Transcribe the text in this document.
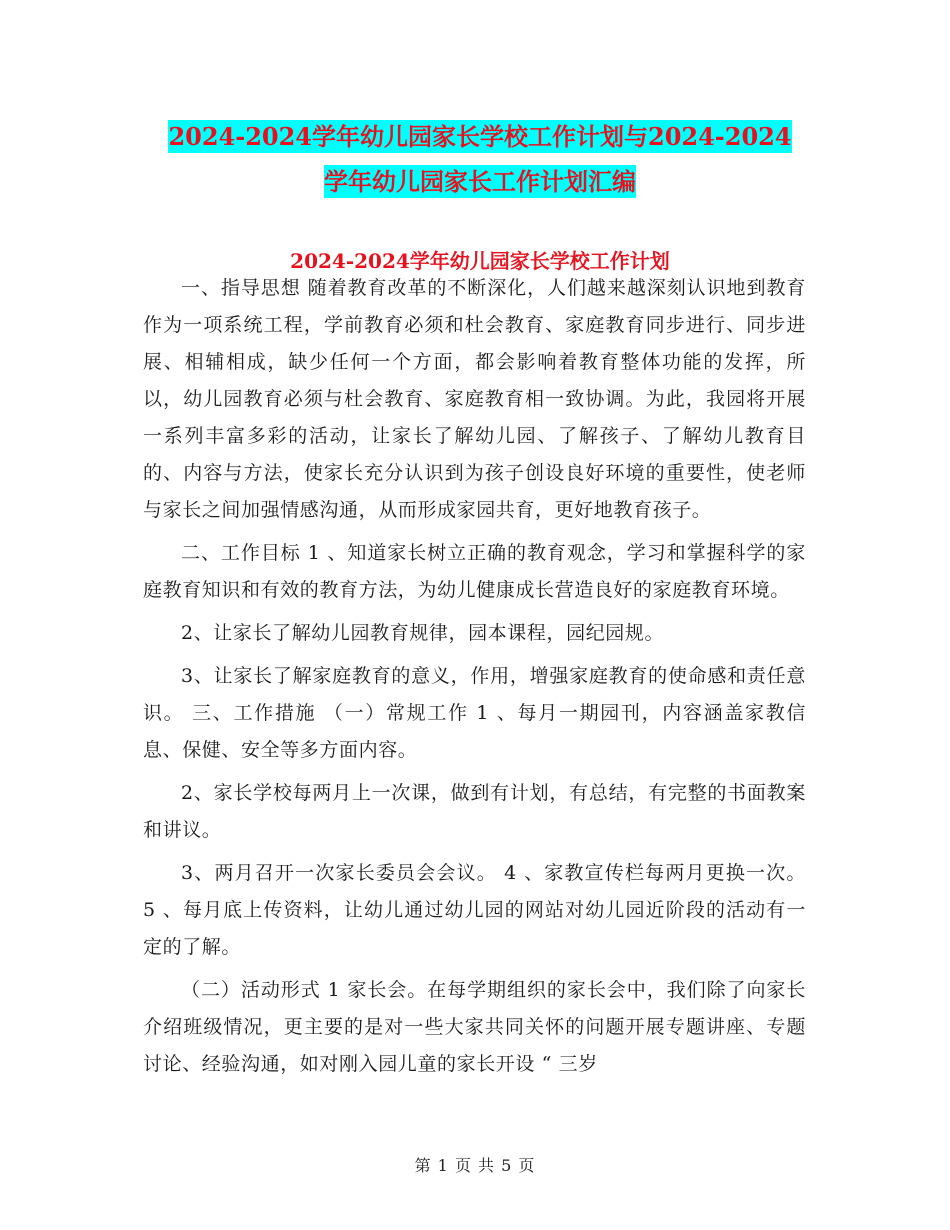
2024-2024学年幼儿园家长学校工作计划与2024-2024
学年幼儿园家长工作计划汇编
2024-2024学年幼儿园家长学校工作计划

一、指导思想 随着教育改革的不断深化，人们越来越深刻认识地到教育作为一项系统工程，学前教育必须和杜会教育、家庭教育同步进行、同步进展、相辅相成，缺少任何一个方面，都会影响着教育整体功能的发挥，所以，幼儿园教育必须与杜会教育、家庭教育相一致协调。为此，我园将开展一系列丰富多彩的活动，让家长了解幼儿园、了解孩子、了解幼儿教育目的、内容与方法，使家长充分认识到为孩子创设良好环境的重要性，使老师与家长之间加强情感沟通，从而形成家园共育，更好地教育孩子。

二、工作目标 1 、知道家长树立正确的教育观念，学习和掌握科学的家庭教育知识和有效的教育方法，为幼儿健康成长营造良好的家庭教育环境。

2、让家长了解幼儿园教育规律，园本课程，园纪园规。

3、让家长了解家庭教育的意义，作用，增强家庭教育的使命感和责任意识。 三、工作措施 （一）常规工作 1 、每月一期园刊，内容涵盖家教信息、保健、安全等多方面内容。

2、家长学校每两月上一次课，做到有计划，有总结，有完整的书面教案和讲议。

3、两月召开一次家长委员会会议。 4 、家教宣传栏每两月更换一次。 5 、每月底上传资料，让幼儿通过幼儿园的网站对幼儿园近阶段的活动有一定的了解。

（二）活动形式 1 家长会。在每学期组织的家长会中，我们除了向家长介绍班级情况，更主要的是对一些大家共同关怀的问题开展专题讲座、专题讨论、经验沟通，如对刚入园儿童的家长开设 “ 三岁

第 1 页 共 5 页
